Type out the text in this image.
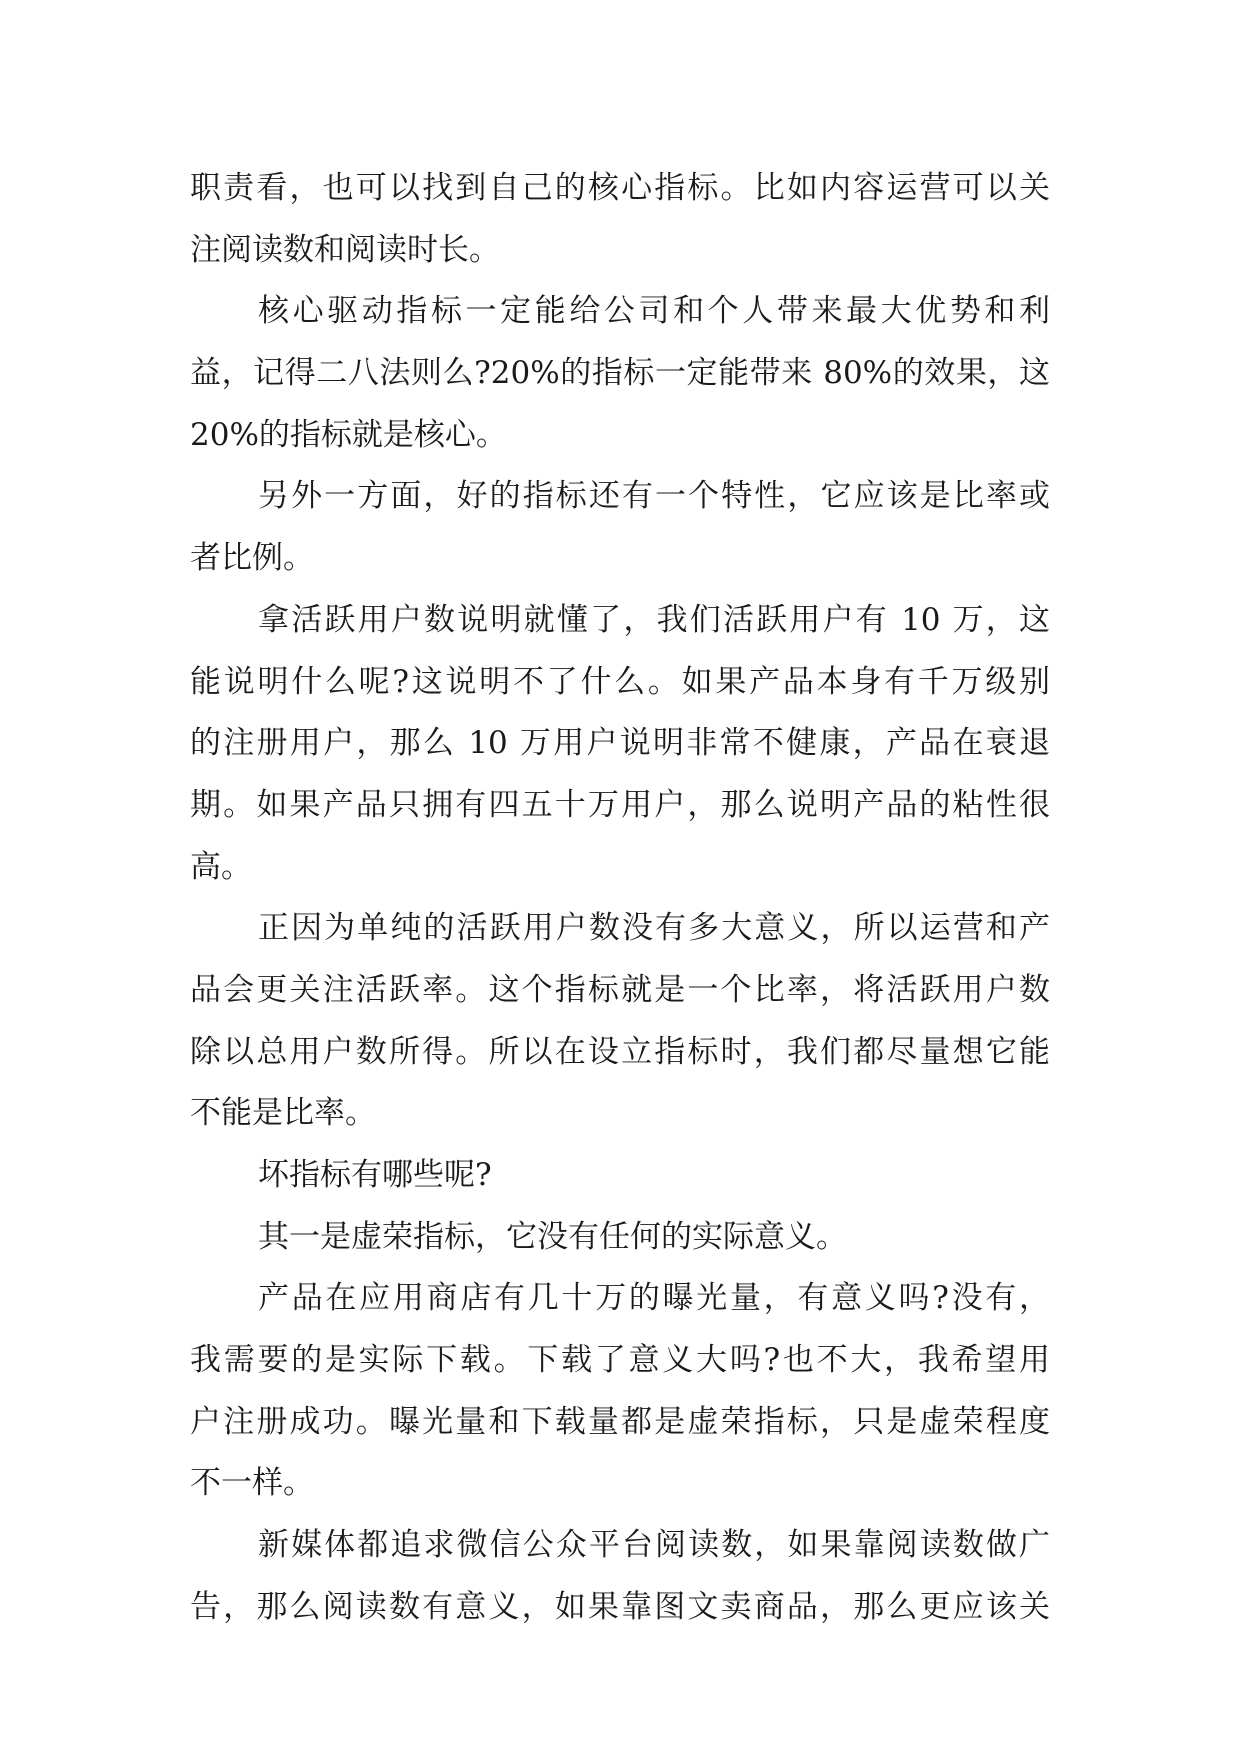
职责看，也可以找到自己的核心指标。比如内容运营可以关
注阅读数和阅读时长。
核心驱动指标一定能给公司和个人带来最大优势和利
益，记得二八法则么?20%的指标一定能带来 80%的效果，这
20%的指标就是核心。
另外一方面，好的指标还有一个特性，它应该是比率或
者比例。
拿活跃用户数说明就懂了，我们活跃用户有 10 万，这
能说明什么呢?这说明不了什么。如果产品本身有千万级别
的注册用户，那么 10 万用户说明非常不健康，产品在衰退
期。如果产品只拥有四五十万用户，那么说明产品的粘性很
高。
正因为单纯的活跃用户数没有多大意义，所以运营和产
品会更关注活跃率。这个指标就是一个比率，将活跃用户数
除以总用户数所得。所以在设立指标时，我们都尽量想它能
不能是比率。
坏指标有哪些呢?
其一是虚荣指标，它没有任何的实际意义。
产品在应用商店有几十万的曝光量，有意义吗?没有，
我需要的是实际下载。下载了意义大吗?也不大，我希望用
户注册成功。曝光量和下载量都是虚荣指标，只是虚荣程度
不一样。
新媒体都追求微信公众平台阅读数，如果靠阅读数做广
告，那么阅读数有意义，如果靠图文卖商品，那么更应该关
